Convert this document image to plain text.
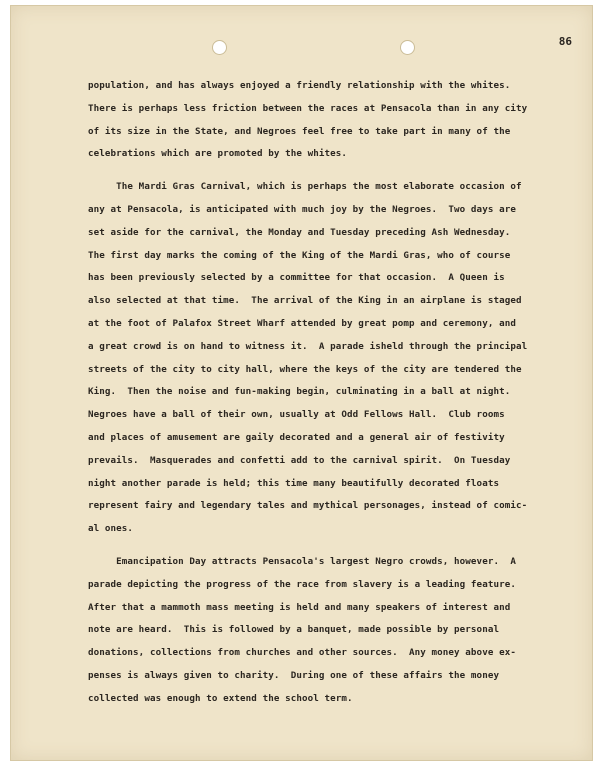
86
population, and has always enjoyed a friendly relationship with the whites.
There is perhaps less friction between the races at Pensacola than in any city
of its size in the State, and Negroes feel free to take part in many of the
celebrations which are promoted by the whites.
The Mardi Gras Carnival, which is perhaps the most elaborate occasion of
any at Pensacola, is anticipated with much joy by the Negroes.  Two days are
set aside for the carnival, the Monday and Tuesday preceding Ash Wednesday.
The first day marks the coming of the King of the Mardi Gras, who of course
has been previously selected by a committee for that occasion.  A Queen is
also selected at that time.  The arrival of the King in an airplane is staged
at the foot of Palafox Street Wharf attended by great pomp and ceremony, and
a great crowd is on hand to witness it.  A parade isheld through the principal
streets of the city to city hall, where the keys of the city are tendered the
King.  Then the noise and fun-making begin, culminating in a ball at night.
Negroes have a ball of their own, usually at Odd Fellows Hall.  Club rooms
and places of amusement are gaily decorated and a general air of festivity
prevails.  Masquerades and confetti add to the carnival spirit.  On Tuesday
night another parade is held; this time many beautifully decorated floats
represent fairy and legendary tales and mythical personages, instead of comic-
al ones.
Emancipation Day attracts Pensacola's largest Negro crowds, however.  A
parade depicting the progress of the race from slavery is a leading feature.
After that a mammoth mass meeting is held and many speakers of interest and
note are heard.  This is followed by a banquet, made possible by personal
donations, collections from churches and other sources.  Any money above ex-
penses is always given to charity.  During one of these affairs the money
collected was enough to extend the school term.
